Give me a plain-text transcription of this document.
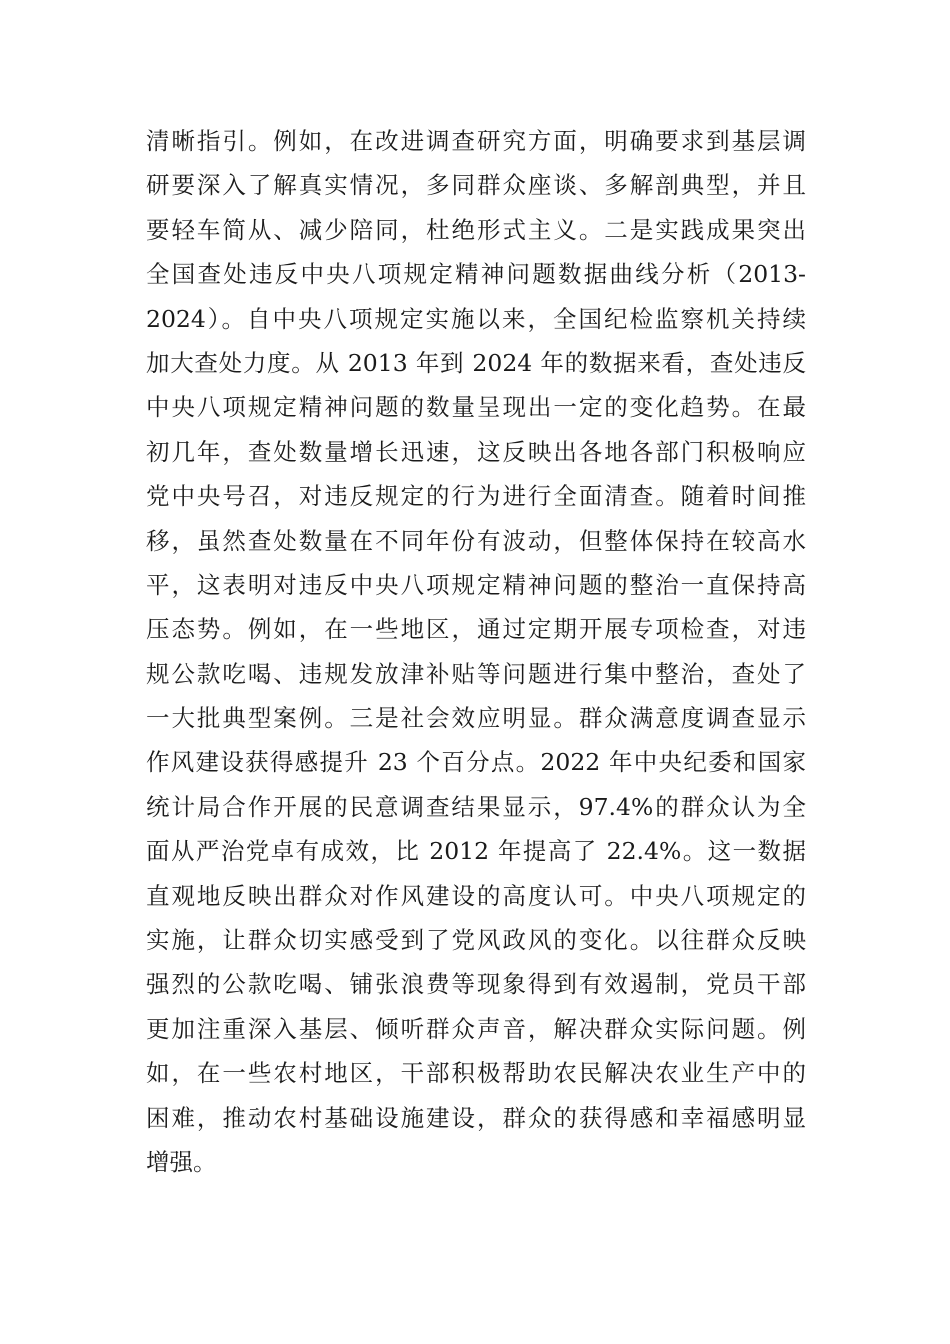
清晰指引。例如，在改进调查研究方面，明确要求到基层调
研要深入了解真实情况，多同群众座谈、多解剖典型，并且
要轻车简从、减少陪同，杜绝形式主义。二是实践成果突出
全国查处违反中央八项规定精神问题数据曲线分析（2013-
2024）。自中央八项规定实施以来，全国纪检监察机关持续
加大查处力度。从 2013 年到 2024 年的数据来看，查处违反
中央八项规定精神问题的数量呈现出一定的变化趋势。在最
初几年，查处数量增长迅速，这反映出各地各部门积极响应
党中央号召，对违反规定的行为进行全面清查。随着时间推
移，虽然查处数量在不同年份有波动，但整体保持在较高水
平，这表明对违反中央八项规定精神问题的整治一直保持高
压态势。例如，在一些地区，通过定期开展专项检查，对违
规公款吃喝、违规发放津补贴等问题进行集中整治，查处了
一大批典型案例。三是社会效应明显。群众满意度调查显示
作风建设获得感提升 23 个百分点。2022 年中央纪委和国家
统计局合作开展的民意调查结果显示，97.4%的群众认为全
面从严治党卓有成效，比 2012 年提高了 22.4%。这一数据
直观地反映出群众对作风建设的高度认可。中央八项规定的
实施，让群众切实感受到了党风政风的变化。以往群众反映
强烈的公款吃喝、铺张浪费等现象得到有效遏制，党员干部
更加注重深入基层、倾听群众声音，解决群众实际问题。例
如，在一些农村地区，干部积极帮助农民解决农业生产中的
困难，推动农村基础设施建设，群众的获得感和幸福感明显
增强。
